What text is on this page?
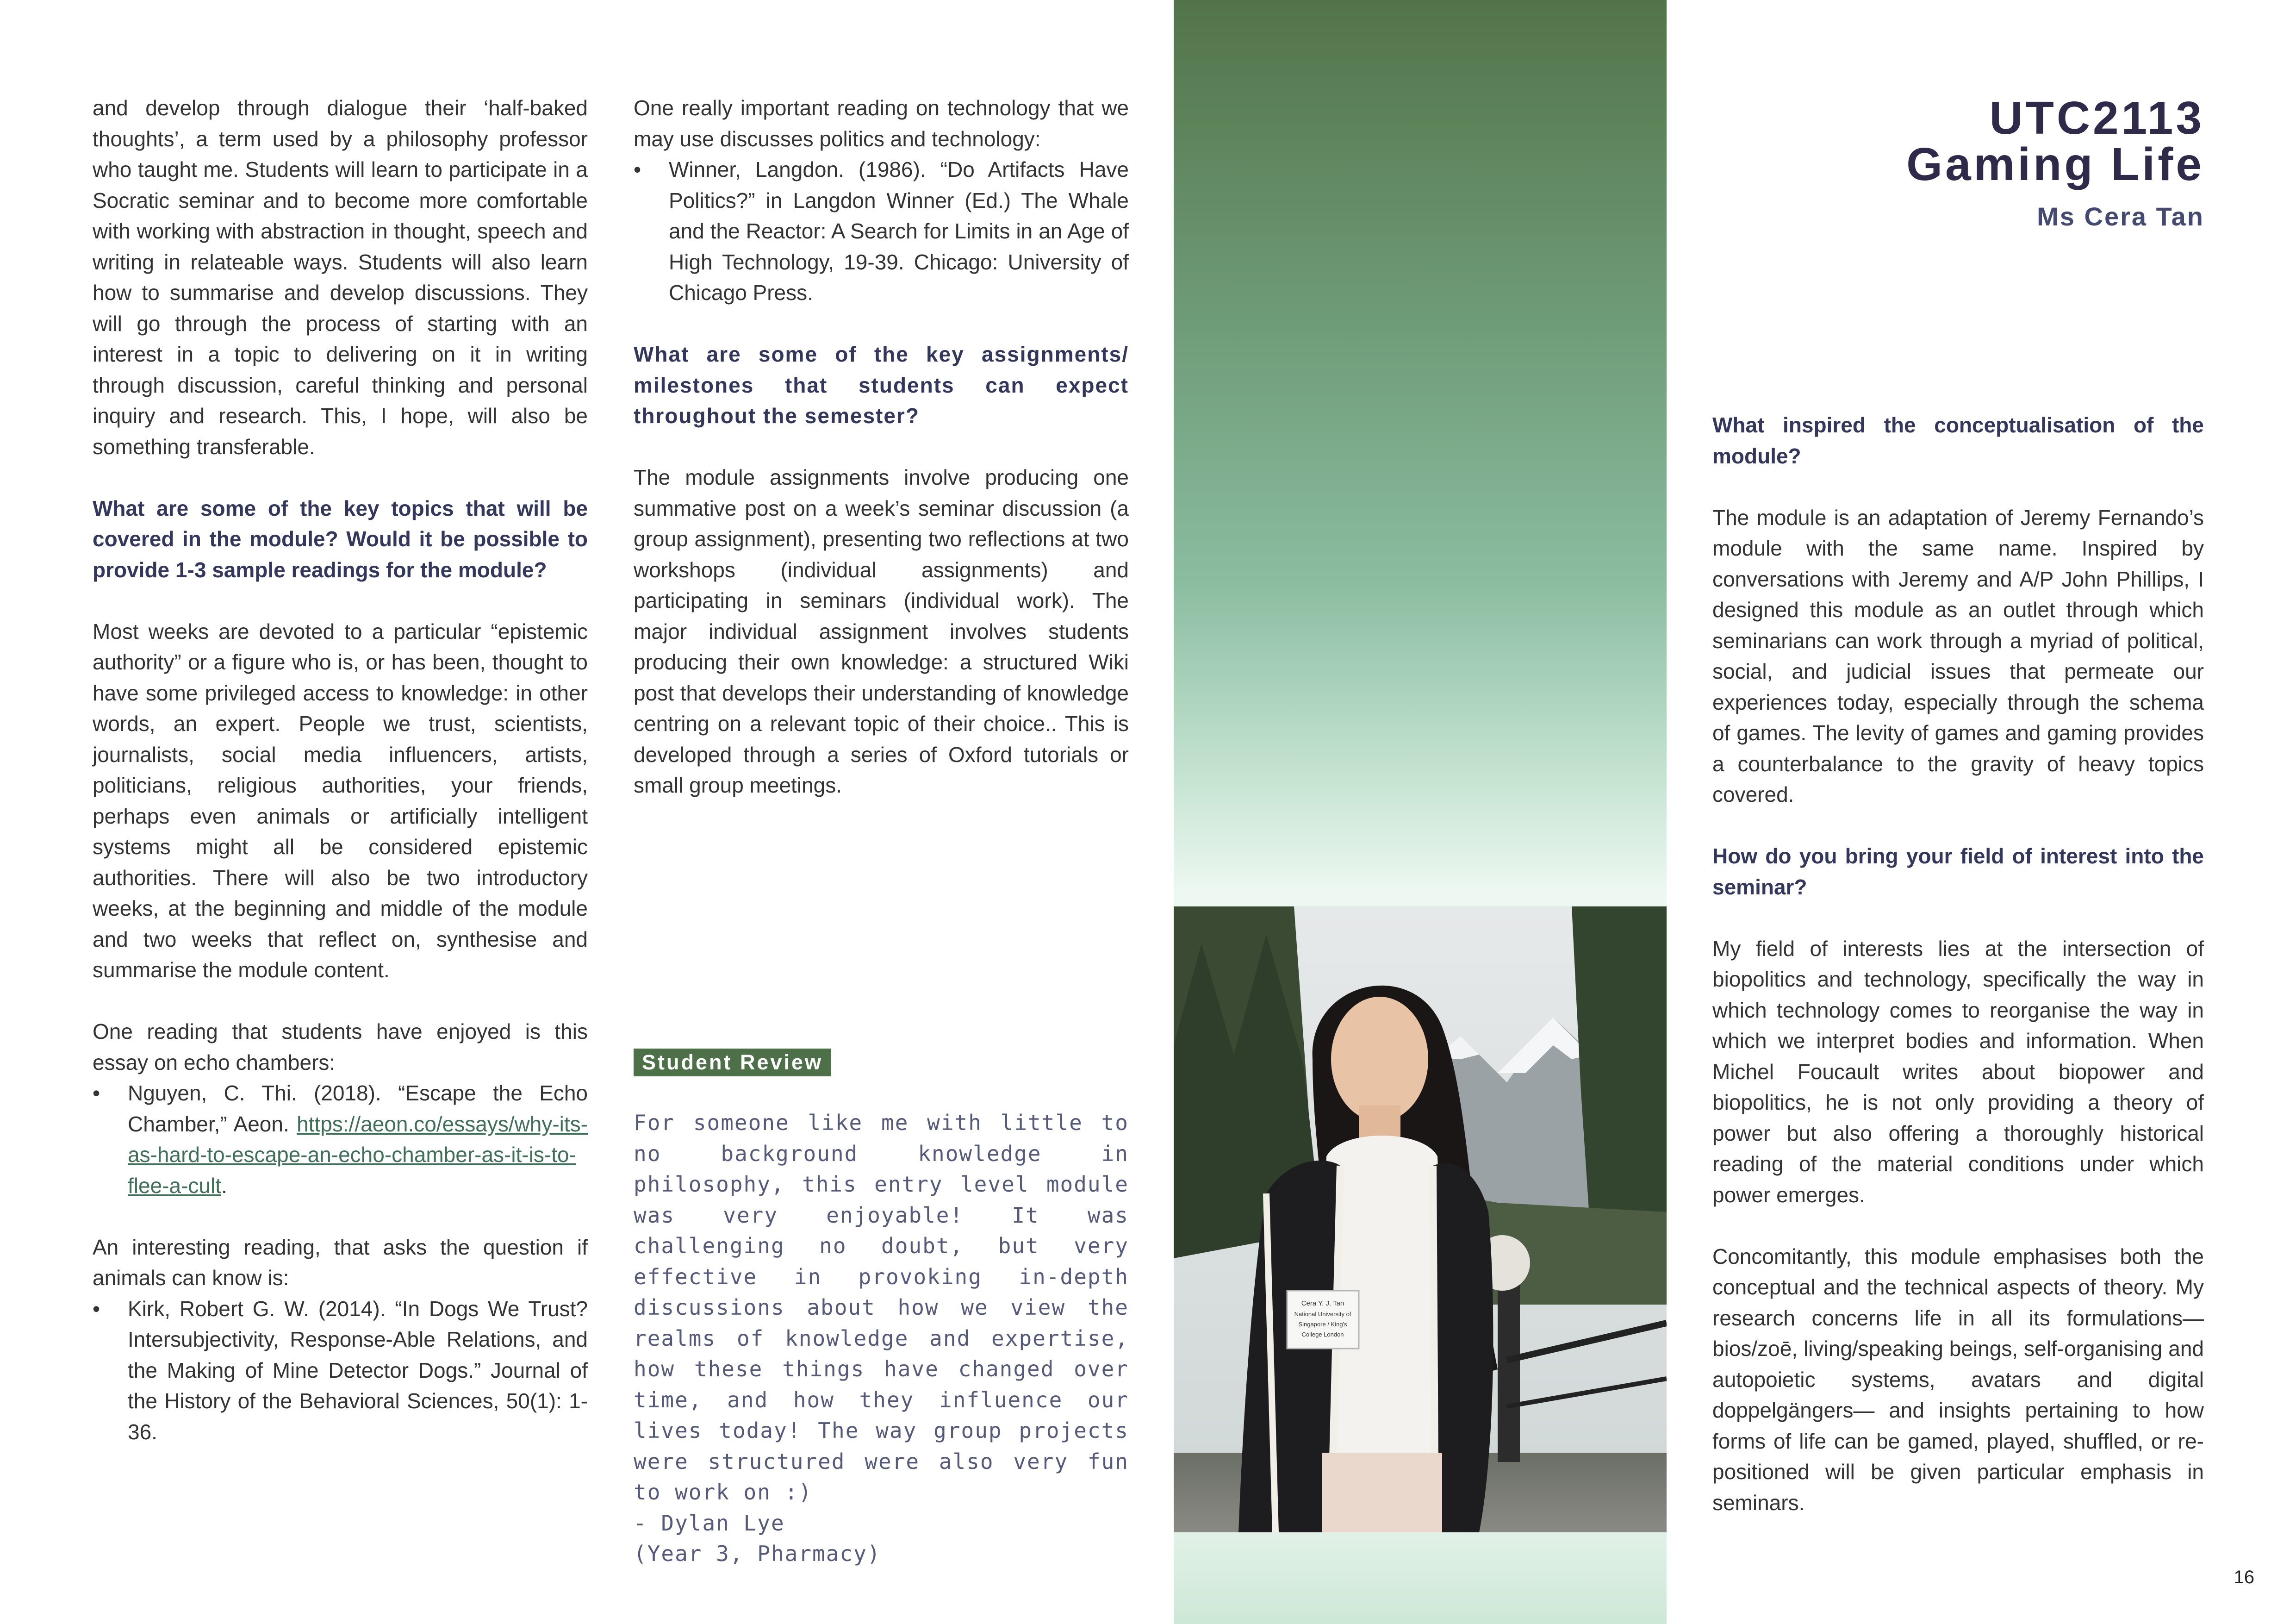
and develop through dialogue their ‘half-baked thoughts’, a term used by a philosophy professor who taught me. Students will learn to participate in a Socratic seminar and to become more comfortable with working with abstraction in thought, speech and writing in relateable ways. Students will also learn how to summarise and develop discussions. They will go through the process of starting with an interest in a topic to delivering on it in writing through discussion, careful thinking and personal inquiry and research. This, I hope, will also be something transferable.

What are some of the key topics that will be covered in the module? Would it be possible to provide 1-3 sample readings for the module?

Most weeks are devoted to a particular “epistemic authority” or a figure who is, or has been, thought to have some privileged access to knowledge: in other words, an expert. People we trust, scientists, journalists, social media influencers, artists, politicians, religious authorities, your friends, perhaps even animals or artificially intelligent systems might all be considered epistemic authorities. There will also be two introductory weeks, at the beginning and middle of the module and two weeks that reflect on, synthesise and summarise the module content.

One reading that students have enjoyed is this essay on echo chambers:

• Nguyen, C. Thi. (2018). “Escape the Echo Chamber,” Aeon. https://aeon.co/essays/why-its-as-hard-to-escape-an-echo-chamber-as-it-is-to-flee-a-cult.

An interesting reading, that asks the question if animals can know is:

• Kirk, Robert G. W. (2014). “In Dogs We Trust? Intersubjectivity, Response-Able Relations, and the Making of Mine Detector Dogs.” Journal of the History of the Behavioral Sciences, 50(1): 1-36.

One really important reading on technology that we may use discusses politics and technology:

• Winner, Langdon. (1986). “Do Artifacts Have Politics?” in Langdon Winner (Ed.) The Whale and the Reactor: A Search for Limits in an Age of High Technology, 19-39. Chicago: University of Chicago Press.

What are some of the key assignments/ milestones that students can expect throughout the semester?

The module assignments involve producing one summative post on a week’s seminar discussion (a group assignment), presenting two reflections at two workshops (individual assignments) and participating in seminars (individual work). The major individual assignment involves students producing their own knowledge: a structured Wiki post that develops their understanding of knowledge centring on a relevant topic of their choice.. This is developed through a series of Oxford tutorials or small group meetings.

Student Review

For someone like me with little to no background knowledge in philosophy, this entry level module was very enjoyable! It was challenging no doubt, but very effective in provoking in-depth discussions about how we view the realms of knowledge and expertise, how these things have changed over time, and how they influence our lives today! The way group projects were structured were also very fun to work on :)

- Dylan Lye
(Year 3, Pharmacy)
Cera Y. J. Tan
National University of
Singapore / King's
College London
UTC2113
Gaming Life
Ms Cera Tan

What inspired the conceptualisation of the module?

The module is an adaptation of Jeremy Fernando’s module with the same name. Inspired by conversations with Jeremy and A/P John Phillips, I designed this module as an outlet through which seminarians can work through a myriad of political, social, and judicial issues that permeate our experiences today, especially through the schema of games. The levity of games and gaming provides a counterbalance to the gravity of heavy topics covered.

How do you bring your field of interest into the seminar?

My field of interests lies at the intersection of biopolitics and technology, specifically the way in which technology comes to reorganise the way in which we interpret bodies and information. When Michel Foucault writes about biopower and biopolitics, he is not only providing a theory of power but also offering a thoroughly historical reading of the material conditions under which power emerges.

Concomitantly, this module emphasises both the conceptual and the technical aspects of theory. My research concerns life in all its formulations—bios/zoē, living/speaking beings, self-organising and autopoietic systems, avatars and digital doppelgängers— and insights pertaining to how forms of life can be gamed, played, shuffled, or re-positioned will be given particular emphasis in seminars.

16
